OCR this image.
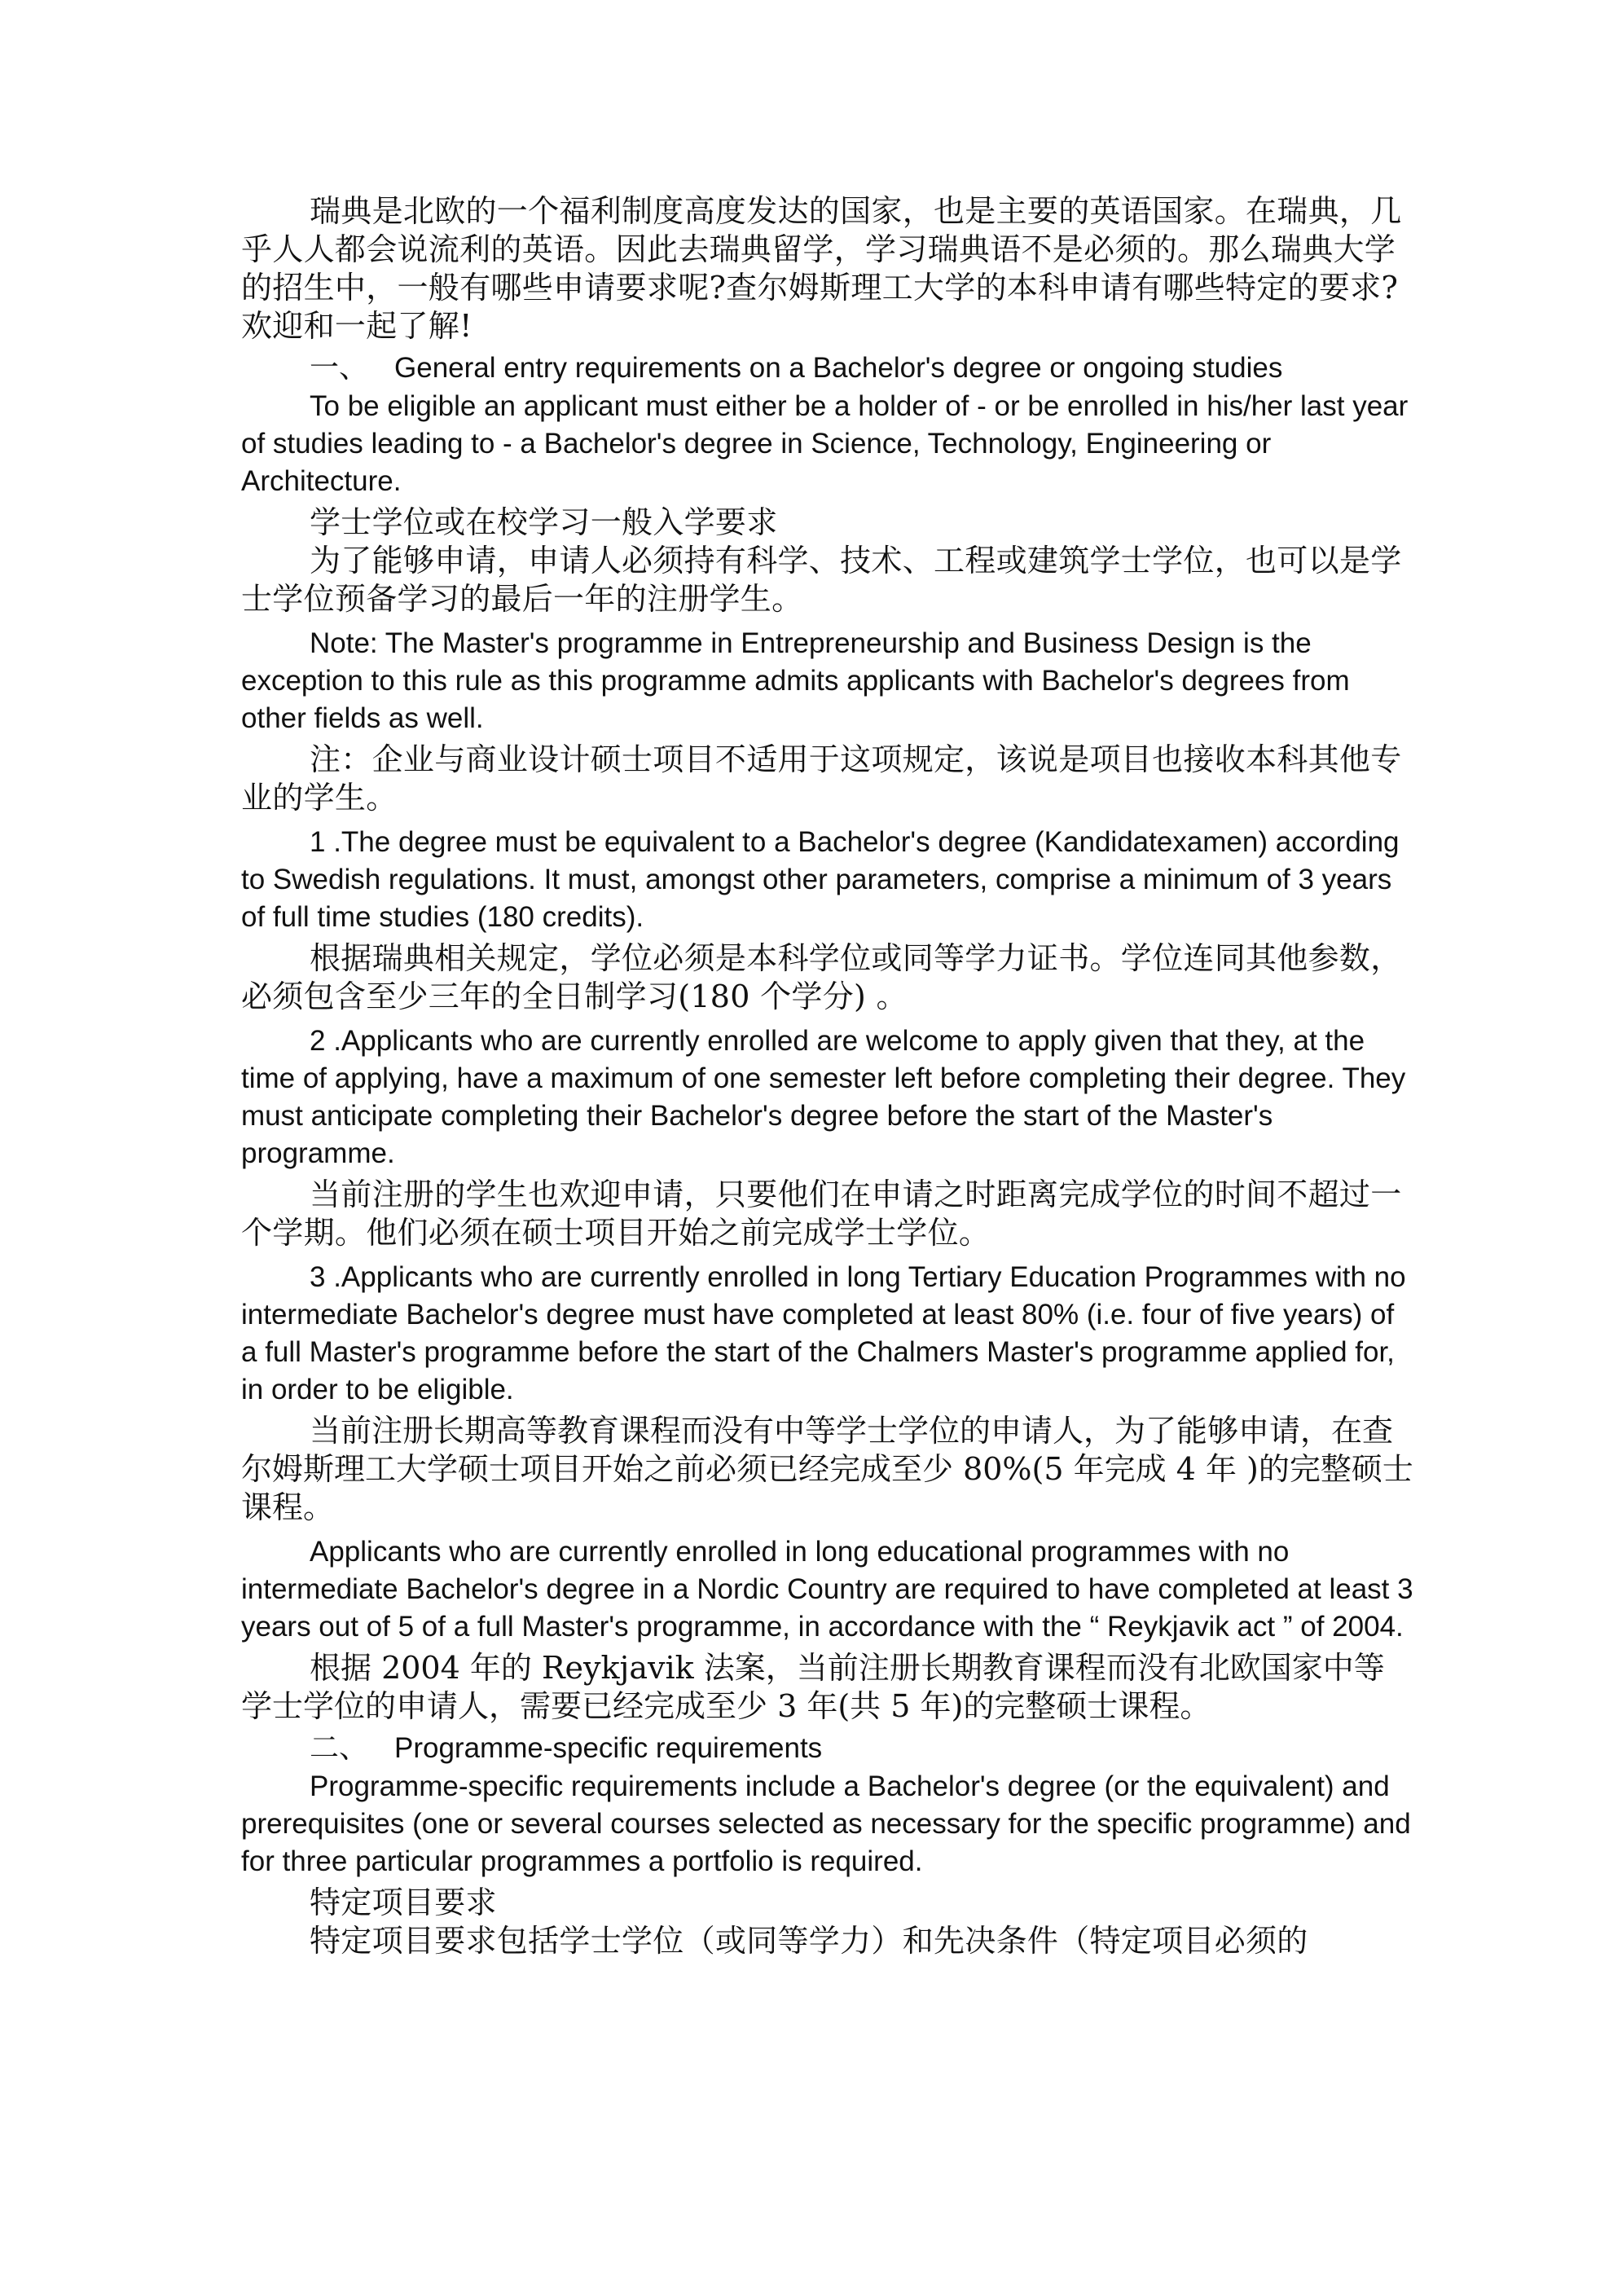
瑞典是北欧的一个福利制度高度发达的国家，也是主要的英语国家。在瑞典，几乎人人都会说流利的英语。因此去瑞典留学，学习瑞典语不是必须的。那么瑞典大学的招生中，一般有哪些申请要求呢?查尔姆斯理工大学的本科申请有哪些特定的要求?欢迎和一起了解!

一、 General entry requirements on a Bachelor's degree or ongoing studies

To be eligible an applicant must either be a holder of - or be enrolled in his/her last year of studies leading to - a Bachelor's degree in Science, Technology, Engineering or Architecture.

学士学位或在校学习一般入学要求

为了能够申请，申请人必须持有科学、技术、工程或建筑学士学位，也可以是学士学位预备学习的最后一年的注册学生。

Note: The Master's programme in Entrepreneurship and Business Design is the exception to this rule as this programme admits applicants with Bachelor's degrees from other fields as well.

注：企业与商业设计硕士项目不适用于这项规定，该说是项目也接收本科其他专业的学生。

1 .The degree must be equivalent to a Bachelor's degree (Kandidatexamen) according to Swedish regulations. It must, amongst other parameters, comprise a minimum of 3 years of full time studies (180 credits).

根据瑞典相关规定，学位必须是本科学位或同等学力证书。学位连同其他参数，必须包含至少三年的全日制学习(180 个学分) 。

2 .Applicants who are currently enrolled are welcome to apply given that they, at the time of applying, have a maximum of one semester left before completing their degree. They must anticipate completing their Bachelor's degree before the start of the Master's programme.

当前注册的学生也欢迎申请，只要他们在申请之时距离完成学位的时间不超过一个学期。他们必须在硕士项目开始之前完成学士学位。

3 .Applicants who are currently enrolled in long Tertiary Education Programmes with no intermediate Bachelor's degree must have completed at least 80% (i.e. four of five years) of a full Master's programme before the start of the Chalmers Master's programme applied for, in order to be eligible.

当前注册长期高等教育课程而没有中等学士学位的申请人，为了能够申请，在查尔姆斯理工大学硕士项目开始之前必须已经完成至少 80%(5 年完成 4 年 )的完整硕士课程。

Applicants who are currently enrolled in long educational programmes with no intermediate Bachelor's degree in a Nordic Country are required to have completed at least 3 years out of 5 of a full Master's programme, in accordance with the “ Reykjavik act ” of 2004.

根据 2004 年的 Reykjavik 法案，当前注册长期教育课程而没有北欧国家中等学士学位的申请人，需要已经完成至少 3 年(共 5 年)的完整硕士课程。

二、 Programme-specific requirements

Programme-specific requirements include a Bachelor's degree (or the equivalent) and prerequisites (one or several courses selected as necessary for the specific programme) and for three particular programmes a portfolio is required.

特定项目要求

特定项目要求包括学士学位（或同等学力）和先决条件（特定项目必须的
